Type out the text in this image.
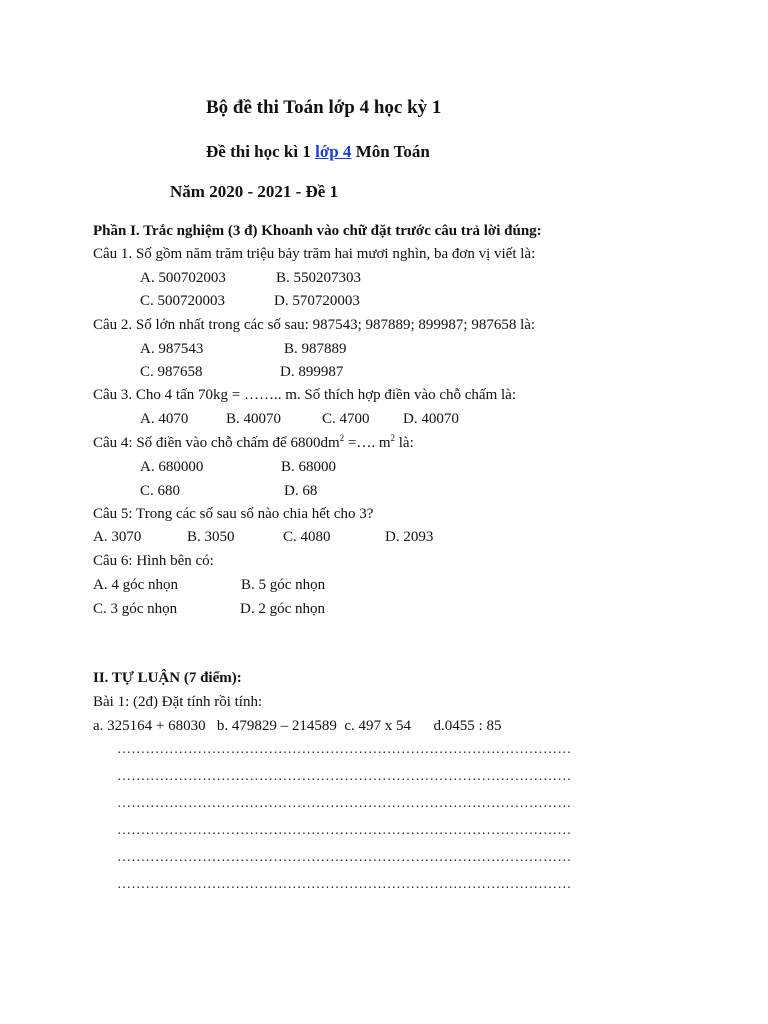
Bộ đề thi Toán lớp 4 học kỳ 1
Đề thi học kì 1 lớp 4 Môn Toán
Năm 2020 - 2021 - Đề 1
Phần I. Trắc nghiệm (3 đ) Khoanh vào chữ đặt trước câu trả lời đúng:
Câu 1. Số gồm năm trăm triệu bảy trăm hai mươi nghìn, ba đơn vị viết là:
A. 500702003	B. 550207303
C. 500720003	D. 570720003
Câu 2. Số lớn nhất trong các số sau: 987543; 987889; 899987; 987658 là:
A. 987543	B. 987889
C. 987658	D. 899987
Câu 3. Cho 4 tấn 70kg = …….. m. Số thích hợp điền vào chỗ chấm là:
A. 4070	B. 40070	C. 4700 D. 40070
Câu 4: Số điền vào chỗ chấm để $6800dm^2$ =…. $m^2$ là:
A. 680000	B. 68000
C. 680	D. 68
Câu 5: Trong các số sau số nào chia hết cho 3?
A. 3070	B. 3050	C. 4080	D. 2093
Câu 6: Hình bên có:
A. 4 góc nhọn	B. 5 góc nhọn
C. 3 góc nhọn	D. 2 góc nhọn
II. TỰ LUẬN (7 điểm):
Bài 1: (2đ) Đặt tính rồi tính:
a. 325164 + 68030   b. 479829 – 214589  c. 497 x 54      d.0455 : 85
……………………………………………………………………………………
……………………………………………………………………………………
……………………………………………………………………………………
……………………………………………………………………………………
……………………………………………………………………………………
……………………………………………………………………………………
